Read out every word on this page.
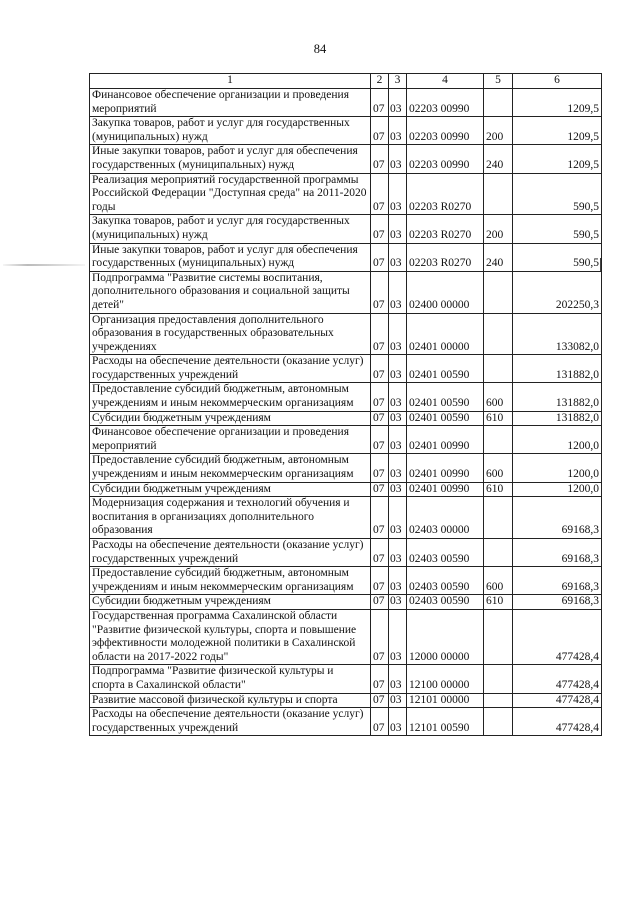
84
1	2	3	4	5	6
Финансовое обеспечение организации и проведения мероприятий	07	03	02203 00990		1209,5
Закупка товаров, работ и услуг для государственных (муниципальных) нужд	07	03	02203 00990	200	1209,5
Иные закупки товаров, работ и услуг для обеспечения государственных (муниципальных) нужд	07	03	02203 00990	240	1209,5
Реализация мероприятий государственной программы Российской Федерации "Доступная среда" на 2011-2020 годы	07	03	02203 R0270		590,5
Закупка товаров, работ и услуг для государственных (муниципальных) нужд	07	03	02203 R0270	200	590,5
Иные закупки товаров, работ и услуг для обеспечения государственных (муниципальных) нужд	07	03	02203 R0270	240	590,5
Подпрограмма "Развитие системы воспитания, дополнительного образования и социальной защиты детей"	07	03	02400 00000		202250,3
Организация предоставления дополнительного образования в государственных образовательных учреждениях	07	03	02401 00000		133082,0
Расходы на обеспечение деятельности (оказание услуг) государственных учреждений	07	03	02401 00590		131882,0
Предоставление субсидий бюджетным, автономным учреждениям и иным некоммерческим организациям	07	03	02401 00590	600	131882,0
Субсидии бюджетным учреждениям	07	03	02401 00590	610	131882,0
Финансовое обеспечение организации и проведения мероприятий	07	03	02401 00990		1200,0
Предоставление субсидий бюджетным, автономным учреждениям и иным некоммерческим организациям	07	03	02401 00990	600	1200,0
Субсидии бюджетным учреждениям	07	03	02401 00990	610	1200,0
Модернизация содержания и технологий обучения и воспитания в организациях дополнительного образования	07	03	02403 00000		69168,3
Расходы на обеспечение деятельности (оказание услуг) государственных учреждений	07	03	02403 00590		69168,3
Предоставление субсидий бюджетным, автономным учреждениям и иным некоммерческим организациям	07	03	02403 00590	600	69168,3
Субсидии бюджетным учреждениям	07	03	02403 00590	610	69168,3
Государственная программа Сахалинской области "Развитие физической культуры, спорта и повышение эффективности молодежной политики в Сахалинской области на 2017-2022 годы"	07	03	12000 00000		477428,4
Подпрограмма "Развитие физической культуры и спорта в Сахалинской области"	07	03	12100 00000		477428,4
Развитие массовой физической культуры и спорта	07	03	12101 00000		477428,4
Расходы на обеспечение деятельности (оказание услуг) государственных учреждений	07	03	12101 00590		477428,4
